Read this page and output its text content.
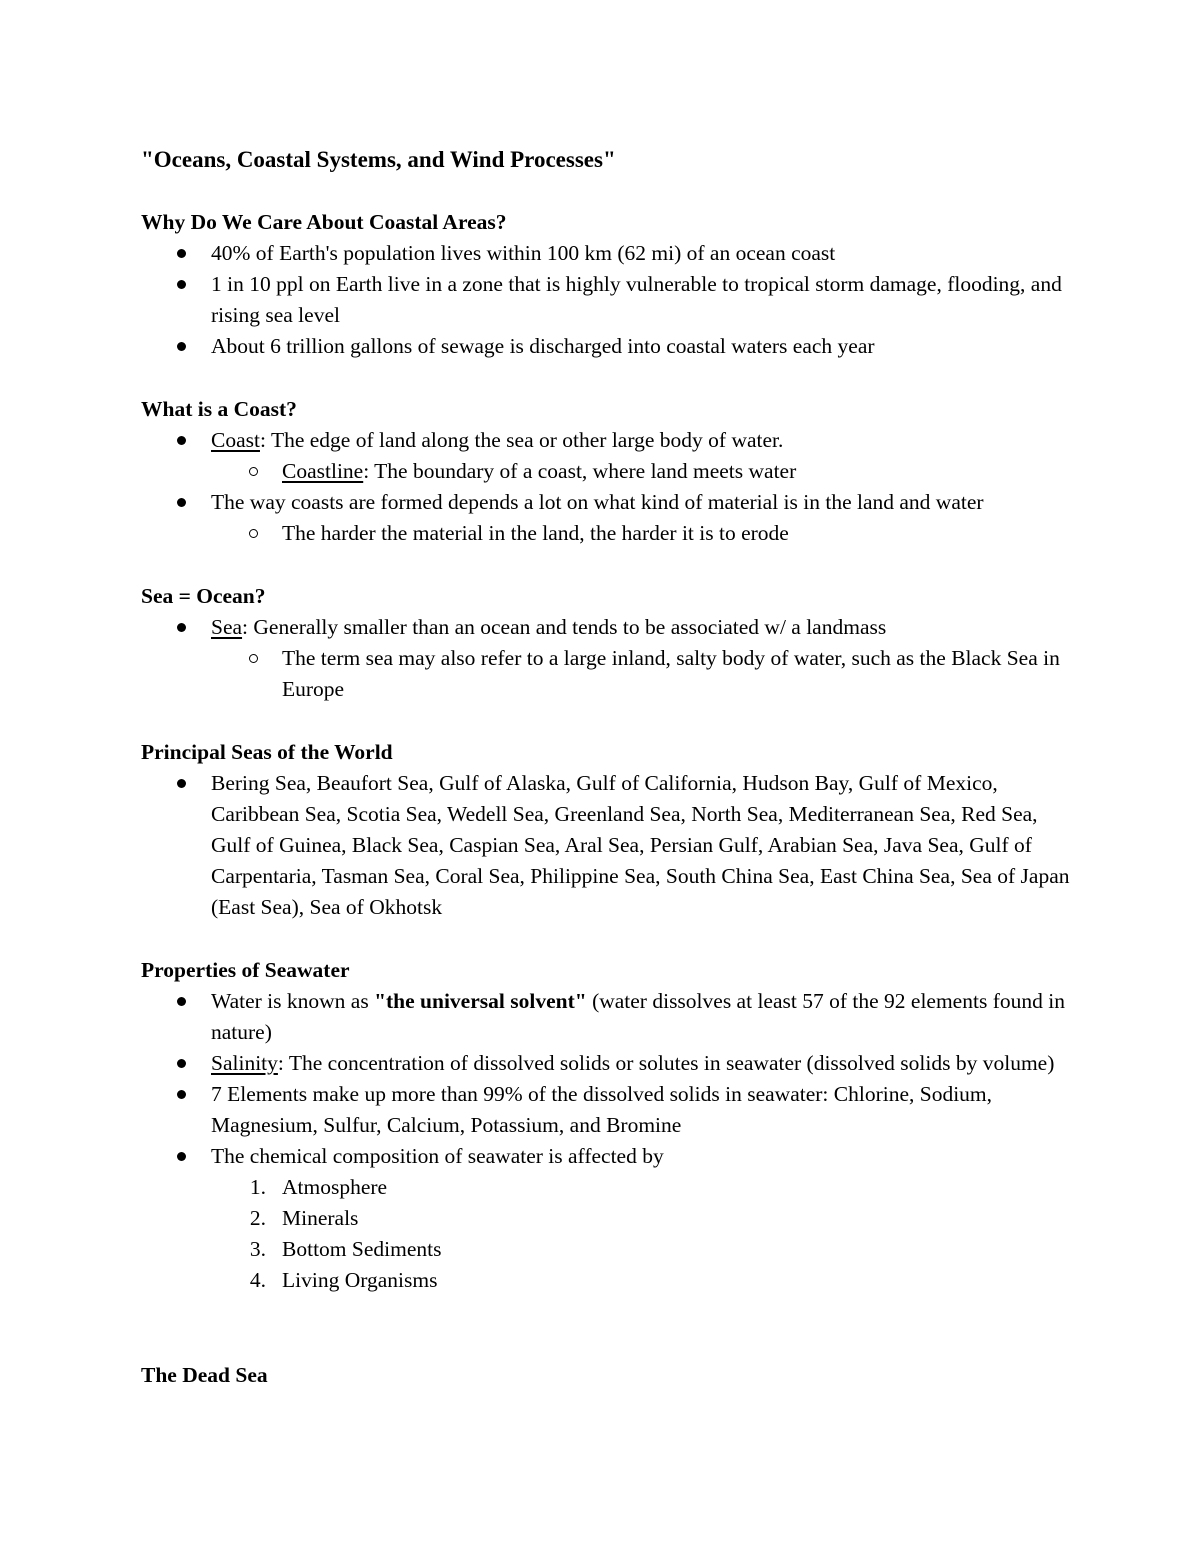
"Oceans, Coastal Systems, and Wind Processes"
Why Do We Care About Coastal Areas?
40% of Earth's population lives within 100 km (62 mi) of an ocean coast
1 in 10 ppl on Earth live in a zone that is highly vulnerable to tropical storm damage, flooding, and rising sea level
About 6 trillion gallons of sewage is discharged into coastal waters each year
What is a Coast?
Coast: The edge of land along the sea or other large body of water.
Coastline: The boundary of a coast, where land meets water
The way coasts are formed depends a lot on what kind of material is in the land and water
The harder the material in the land, the harder it is to erode
Sea = Ocean?
Sea: Generally smaller than an ocean and tends to be associated w/ a landmass
The term sea may also refer to a large inland, salty body of water, such as the Black Sea in Europe
Principal Seas of the World
Bering Sea, Beaufort Sea, Gulf of Alaska, Gulf of California, Hudson Bay, Gulf of Mexico, Caribbean Sea, Scotia Sea, Wedell Sea, Greenland Sea, North Sea, Mediterranean Sea, Red Sea, Gulf of Guinea, Black Sea, Caspian Sea, Aral Sea, Persian Gulf, Arabian Sea, Java Sea, Gulf of Carpentaria, Tasman Sea, Coral Sea, Philippine Sea, South China Sea, East China Sea, Sea of Japan (East Sea), Sea of Okhotsk
Properties of Seawater
Water is known as "the universal solvent" (water dissolves at least 57 of the 92 elements found in nature)
Salinity: The concentration of dissolved solids or solutes in seawater (dissolved solids by volume)
7 Elements make up more than 99% of the dissolved solids in seawater: Chlorine, Sodium, Magnesium, Sulfur, Calcium, Potassium, and Bromine
The chemical composition of seawater is affected by
1. Atmosphere
2. Minerals
3. Bottom Sediments
4. Living Organisms
The Dead Sea
